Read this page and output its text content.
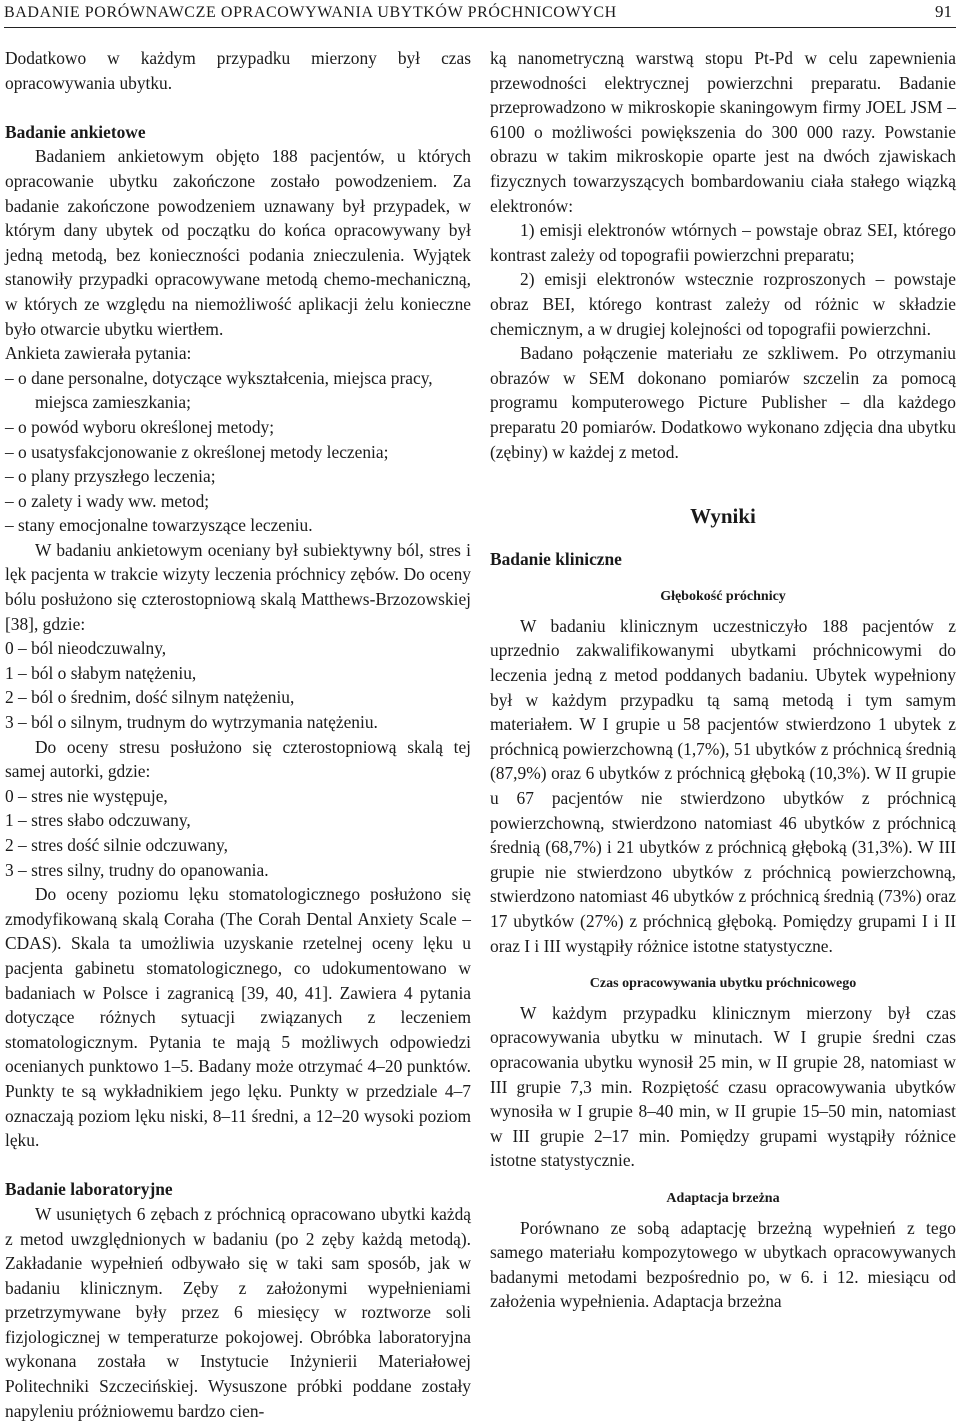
BADANIE PORÓWNAWCZE OPRACOWYWANIA UBYTKÓW PRÓCHNICOWYCH	91

Dodatkowo w każdym przypadku mierzony był czas opracowywania ubytku.

Badanie ankietowe

Badaniem ankietowym objęto 188 pacjentów, u których opracowanie ubytku zakończone zostało powodzeniem. Za badanie zakończone powodzeniem uznawany był przypadek, w którym dany ubytek od początku do końca opracowywany był jedną metodą, bez konieczności podania znieczulenia. Wyjątek stanowiły przypadki opracowywane metodą chemo-mechaniczną, w których ze względu na niemożliwość aplikacji żelu konieczne było otwarcie ubytku wiertłem.

Ankieta zawierała pytania:

– o dane personalne, dotyczące wykształcenia, miejsca pracy, miejsca zamieszkania;
– o powód wyboru określonej metody;
– o usatysfakcjonowanie z określonej metody leczenia;
– o plany przyszłego leczenia;
– o zalety i wady ww. metod;
– stany emocjonalne towarzyszące leczeniu.

W badaniu ankietowym oceniany był subiektywny ból, stres i lęk pacjenta w trakcie wizyty leczenia próchnicy zębów. Do oceny bólu posłużono się czterostopniową skalą Matthews-Brzozowskiej [38], gdzie:

0 – ból nieodczuwalny,
1 – ból o słabym natężeniu,
2 – ból o średnim, dość silnym natężeniu,
3 – ból o silnym, trudnym do wytrzymania natężeniu.

Do oceny stresu posłużono się czterostopniową skalą tej samej autorki, gdzie:

0 – stres nie występuje,
1 – stres słabo odczuwany,
2 – stres dość silnie odczuwany,
3 – stres silny, trudny do opanowania.

Do oceny poziomu lęku stomatologicznego posłużono się zmodyfikowaną skalą Coraha (The Corah Dental Anxiety Scale – CDAS). Skala ta umożliwia uzyskanie rzetelnej oceny lęku u pacjenta gabinetu stomatologicznego, co udokumentowano w badaniach w Polsce i zagranicą [39, 40, 41]. Zawiera 4 pytania dotyczące różnych sytuacji związanych z leczeniem stomatologicznym. Pytania te mają 5 możliwych odpowiedzi ocenianych punktowo 1–5. Badany może otrzymać 4–20 punktów. Punkty te są wykładnikiem jego lęku. Punkty w przedziale 4–7 oznaczają poziom lęku niski, 8–11 średni, a 12–20 wysoki poziom lęku.

Badanie laboratoryjne

W usuniętych 6 zębach z próchnicą opracowano ubytki każdą z metod uwzględnionych w badaniu (po 2 zęby każdą metodą). Zakładanie wypełnień odbywało się w taki sam sposób, jak w badaniu klinicznym. Zęby z założonymi wypełnieniami przetrzymywane były przez 6 miesięcy w roztworze soli fizjologicznej w temperaturze pokojowej. Obróbka laboratoryjna wykonana została w Instytucie Inżynierii Materiałowej Politechniki Szczecińskiej. Wysuszone próbki poddane zostały napyleniu próżniowemu bardzo cien-

ką nanometryczną warstwą stopu Pt-Pd w celu zapewnienia przewodności elektrycznej powierzchni preparatu. Badanie przeprowadzono w mikroskopie skaningowym firmy JOEL JSM – 6100 o możliwości powiększenia do 300 000 razy. Powstanie obrazu w takim mikroskopie oparte jest na dwóch zjawiskach fizycznych towarzyszących bombardowaniu ciała stałego wiązką elektronów:

1) emisji elektronów wtórnych – powstaje obraz SEI, którego kontrast zależy od topografii powierzchni preparatu;

2) emisji elektronów wstecznie rozproszonych – powstaje obraz BEI, którego kontrast zależy od różnic w składzie chemicznym, a w drugiej kolejności od topografii powierzchni.

Badano połączenie materiału ze szkliwem. Po otrzymaniu obrazów w SEM dokonano pomiarów szczelin za pomocą programu komputerowego Picture Publisher – dla każdego preparatu 20 pomiarów. Dodatkowo wykonano zdjęcia dna ubytku (zębiny) w każdej z metod.

Wyniki

Badanie kliniczne

Głębokość próchnicy

W badaniu klinicznym uczestniczyło 188 pacjentów z uprzednio zakwalifikowanymi ubytkami próchnicowymi do leczenia jedną z metod poddanych badaniu. Ubytek wypełniony był w każdym przypadku tą samą metodą i tym samym materiałem. W I grupie u 58 pacjentów stwierdzono 1 ubytek z próchnicą powierzchowną (1,7%), 51 ubytków z próchnicą średnią (87,9%) oraz 6 ubytków z próchnicą głęboką (10,3%). W II grupie u 67 pacjentów nie stwierdzono ubytków z próchnicą powierzchowną, stwierdzono natomiast 46 ubytków z próchnicą średnią (68,7%) i 21 ubytków z próchnicą głęboką (31,3%). W III grupie nie stwierdzono ubytków z próchnicą powierzchowną, stwierdzono natomiast 46 ubytków z próchnicą średnią (73%) oraz 17 ubytków (27%) z próchnicą głęboką. Pomiędzy grupami I i II oraz I i III wystąpiły różnice istotne statystyczne.

Czas opracowywania ubytku próchnicowego

W każdym przypadku klinicznym mierzony był czas opracowywania ubytku w minutach. W I grupie średni czas opracowania ubytku wynosił 25 min, w II grupie 28, natomiast w III grupie 7,3 min. Rozpiętość czasu opracowywania ubytków wynosiła w I grupie 8–40 min, w II grupie 15–50 min, natomiast w III grupie 2–17 min. Pomiędzy grupami wystąpiły różnice istotne statystycznie.

Adaptacja brzeżna

Porównano ze sobą adaptację brzeżną wypełnień z tego samego materiału kompozytowego w ubytkach opracowywanych badanymi metodami bezpośrednio po, w 6. i 12. miesiącu od założenia wypełnienia. Adaptacja brzeżna
